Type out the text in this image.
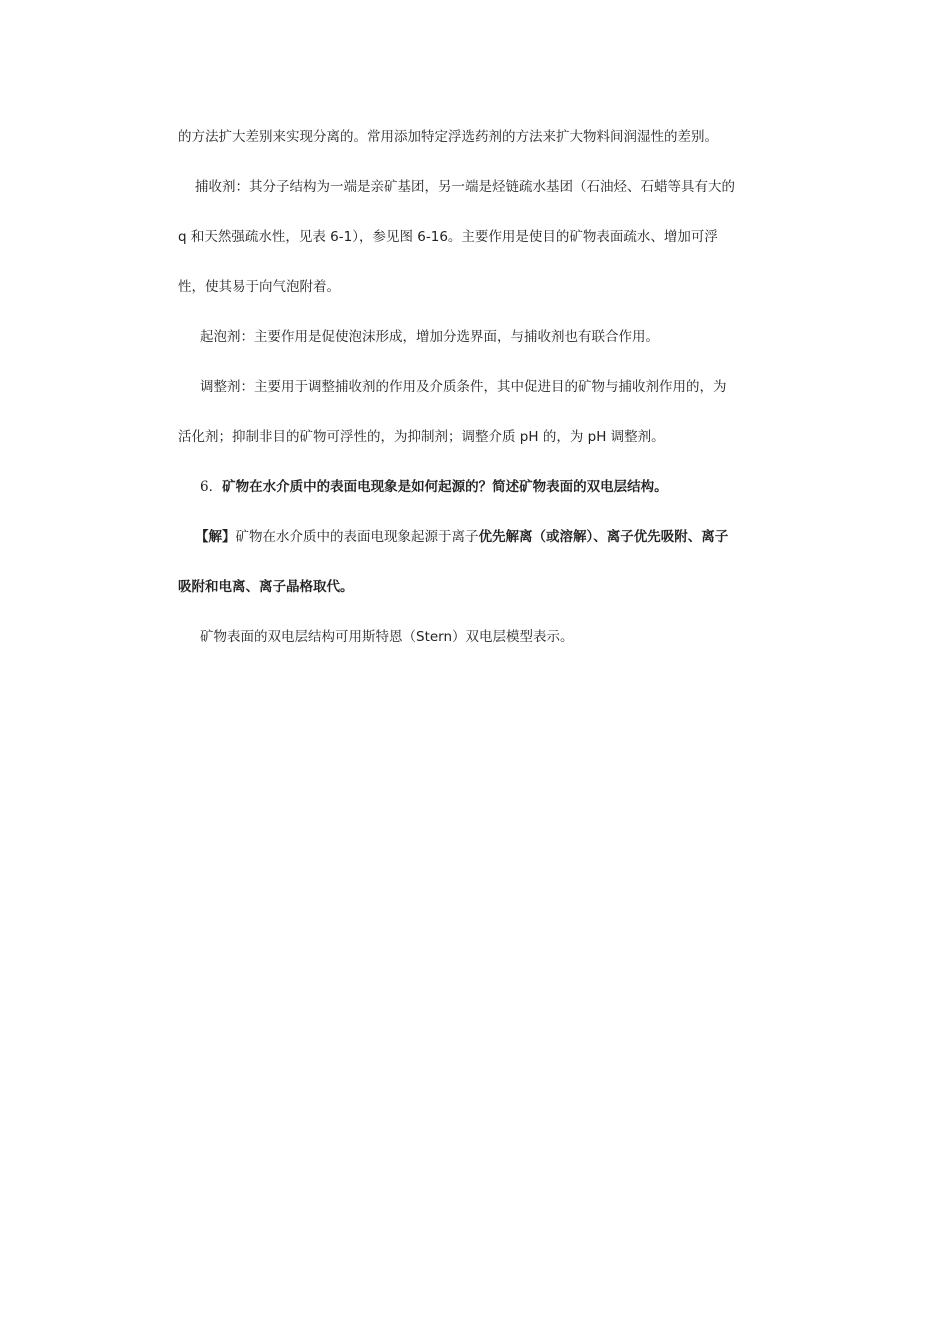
的方法扩大差别来实现分离的。常用添加特定浮选药剂的方法来扩大物料间润湿性的差别。
捕收剂：其分子结构为一端是亲矿基团，另一端是烃链疏水基团（石油烃、石蜡等具有大的
q 和天然强疏水性，见表 6-1），参见图 6-16。主要作用是使目的矿物表面疏水、增加可浮
性，使其易于向气泡附着。
起泡剂：主要作用是促使泡沫形成，增加分选界面，与捕收剂也有联合作用。
调整剂：主要用于调整捕收剂的作用及介质条件，其中促进目的矿物与捕收剂作用的，为
活化剂；抑制非目的矿物可浮性的，为抑制剂；调整介质 pH 的，为 pH 调整剂。
6．矿物在水介质中的表面电现象是如何起源的？简述矿物表面的双电层结构。
【解】矿物在水介质中的表面电现象起源于离子优先解离（或溶解）、离子优先吸附、离子
吸附和电离、离子晶格取代。
矿物表面的双电层结构可用斯特恩（Stern）双电层模型表示。
